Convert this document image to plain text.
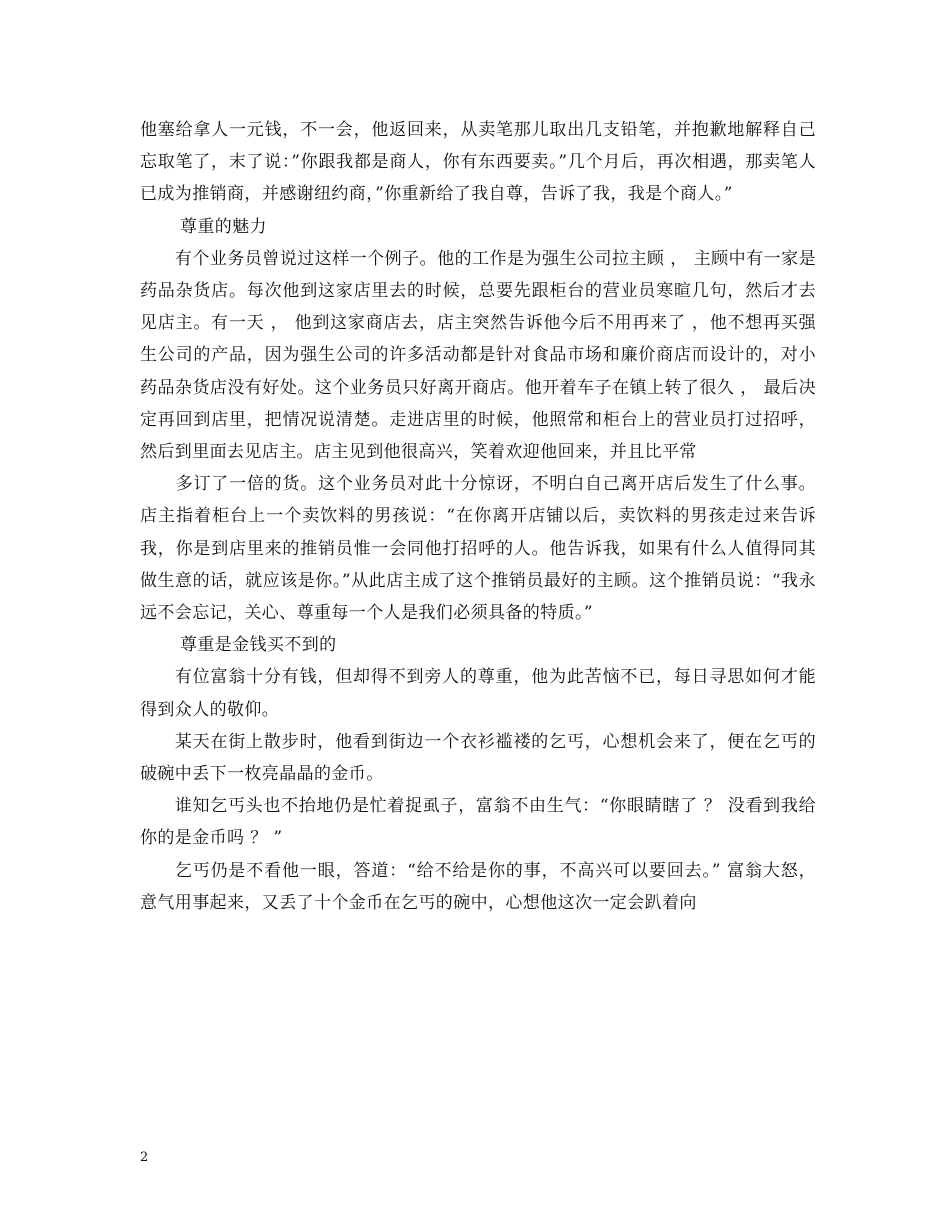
他塞给拿人一元钱，不一会，他返回来，从卖笔那儿取出几支铅笔，并抱歉地解释自己忘取笔了，末了说：”你跟我都是商人，你有东西要卖。”几个月后，再次相遇，那卖笔人已成为推销商，并感谢纽约商，”你重新给了我自尊，告诉了我，我是个商人。”

尊重的魅力

有个业务员曾说过这样一个例子。他的工作是为强生公司拉主顾 ， 主顾中有一家是药品杂货店。每次他到这家店里去的时候，总要先跟柜台的营业员寒暄几句，然后才去见店主。有一天 ， 他到这家商店去，店主突然告诉他今后不用再来了 ，他不想再买强生公司的产品，因为强生公司的许多活动都是针对食品市场和廉价商店而设计的，对小药品杂货店没有好处。这个业务员只好离开商店。他开着车子在镇上转了很久 ， 最后决定再回到店里，把情况说清楚。走进店里的时候，他照常和柜台上的营业员打过招呼，然后到里面去见店主。店主见到他很高兴，笑着欢迎他回来，并且比平常

多订了一倍的货。这个业务员对此十分惊讶，不明白自己离开店后发生了什么事。店主指着柜台上一个卖饮料的男孩说：“在你离开店铺以后，卖饮料的男孩走过来告诉我，你是到店里来的推销员惟一会同他打招呼的人。他告诉我，如果有什么人值得同其做生意的话，就应该是你。”从此店主成了这个推销员最好的主顾。这个推销员说：“我永远不会忘记，关心、尊重每一个人是我们必须具备的特质。”

尊重是金钱买不到的

有位富翁十分有钱，但却得不到旁人的尊重，他为此苦恼不已，每日寻思如何才能得到众人的敬仰。

某天在街上散步时，他看到街边一个衣衫褴褛的乞丐，心想机会来了，便在乞丐的破碗中丢下一枚亮晶晶的金币。

谁知乞丐头也不抬地仍是忙着捉虱子，富翁不由生气：“你眼睛瞎了 ？ 没看到我给你的是金币吗 ？ ”

乞丐仍是不看他一眼，答道：“给不给是你的事，不高兴可以要回去。” 富翁大怒，意气用事起来，又丢了十个金币在乞丐的碗中，心想他这次一定会趴着向

2
